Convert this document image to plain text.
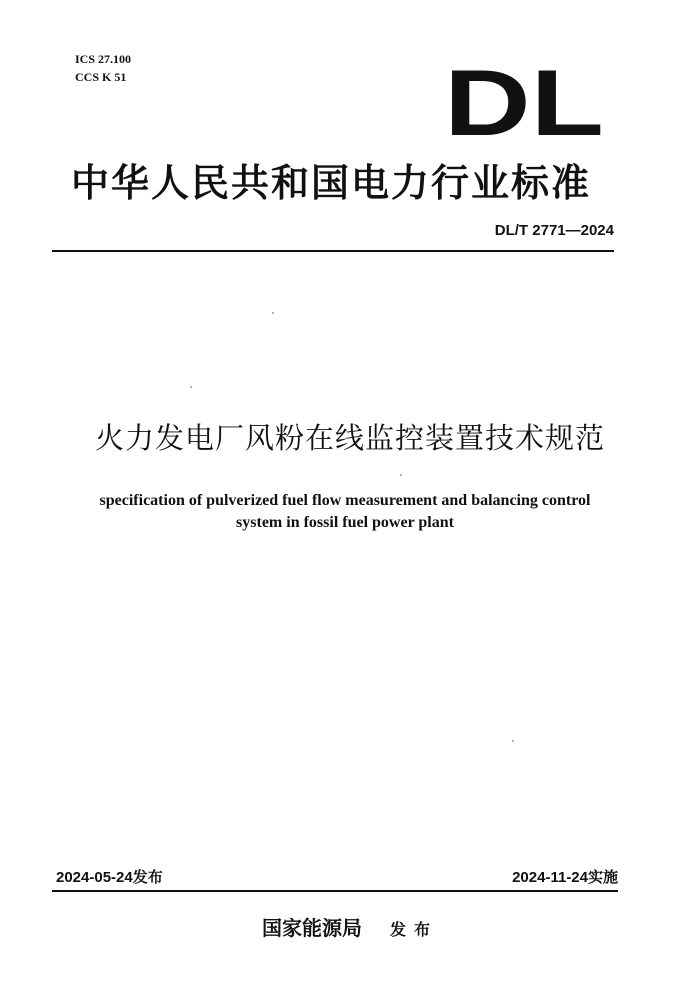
ICS 27.100
CCS K 51	DL
中华人民共和国电力行业标准
DL/T 2771—2024
火力发电厂风粉在线监控装置技术规范
specification of pulverized fuel flow measurement and balancing control
system in fossil fuel power plant
2024-05-24发布	2024-11-24实施
国家能源局 发布
